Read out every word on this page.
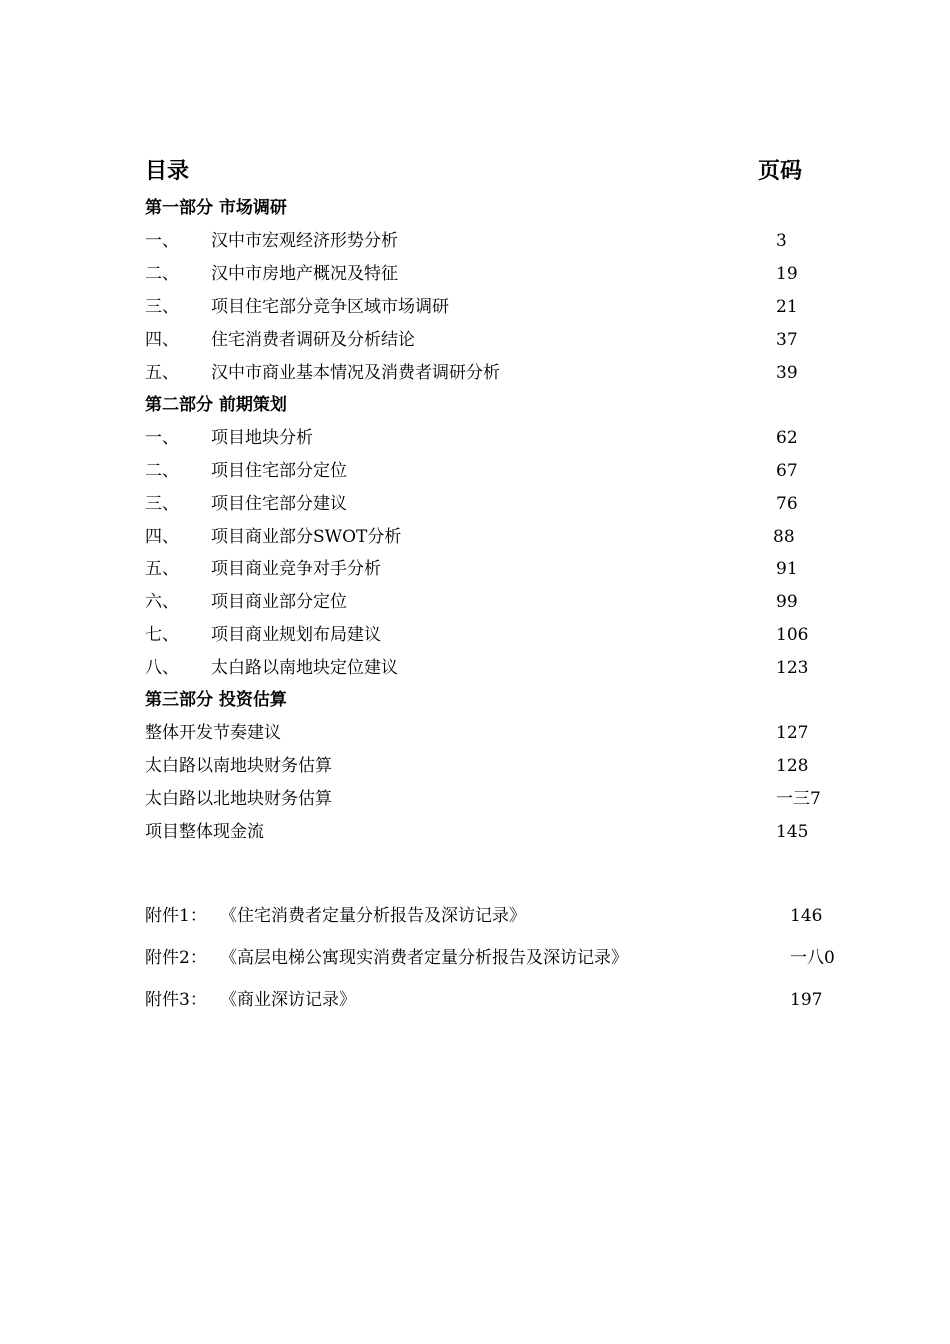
目录	页码
第一部分 市场调研
一、 汉中市宏观经济形势分析	3
二、 汉中市房地产概况及特征	19
三、 项目住宅部分竞争区域市场调研	21
四、 住宅消费者调研及分析结论	37
五、 汉中市商业基本情况及消费者调研分析	39
第二部分 前期策划
一、 项目地块分析	62
二、 项目住宅部分定位	67
三、 项目住宅部分建议	76
四、 项目商业部分SWOT分析	88
五、 项目商业竞争对手分析	91
六、 项目商业部分定位	99
七、 项目商业规划布局建议	106
八、 太白路以南地块定位建议	123
第三部分 投资估算
整体开发节奏建议	127
太白路以南地块财务估算	128
太白路以北地块财务估算	一三7
项目整体现金流	145
附件1： 《住宅消费者定量分析报告及深访记录》	146
附件2： 《高层电梯公寓现实消费者定量分析报告及深访记录》	一八0
附件3： 《商业深访记录》	197
